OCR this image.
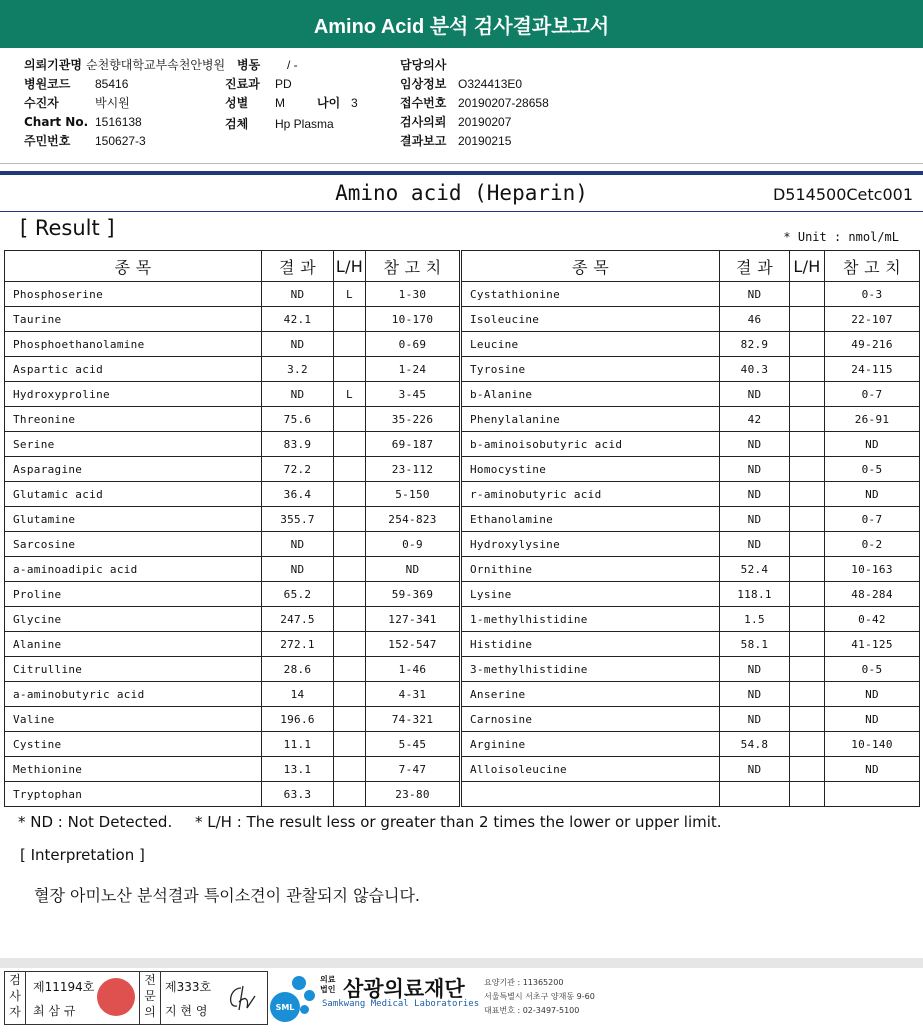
Amino Acid 분석 검사결과보고서
의뢰기관명 순천향대학교부속천안병원
병원코드 85416
수진자	박시원
Chart No. 1516138
주민번호 150627-3
병동 / -
진료과 PD
성별 M	나이 3
검체 Hp Plasma
담당의사
임상정보 O324413E0
접수번호 20190207-28658
검사의뢰 20190207
결과보고 20190215
Amino acid (Heparin)	D514500Cetc001
[ Result ]	* Unit : nmol/mL
종 목	결 과	L/H	참 고 치
Phosphoserine	ND	L	1-30
Taurine	42.1		10-170
Phosphoethanolamine	ND		0-69
Aspartic acid	3.2		1-24
Hydroxyproline	ND	L	3-45
Threonine	75.6		35-226
Serine	83.9		69-187
Asparagine	72.2		23-112
Glutamic acid	36.4		5-150
Glutamine	355.7		254-823
Sarcosine	ND		0-9
a-aminoadipic acid	ND		ND
Proline	65.2		59-369
Glycine	247.5		127-341
Alanine	272.1		152-547
Citrulline	28.6		1-46
a-aminobutyric acid	14		4-31
Valine	196.6		74-321
Cystine	11.1		5-45
Methionine	13.1		7-47
Tryptophan	63.3		23-80
종 목	결 과	L/H	참 고 치
Cystathionine	ND		0-3
Isoleucine	46		22-107
Leucine	82.9		49-216
Tyrosine	40.3		24-115
b-Alanine	ND		0-7
Phenylalanine	42		26-91
b-aminoisobutyric acid	ND		ND
Homocystine	ND		0-5
r-aminobutyric acid	ND		ND
Ethanolamine	ND		0-7
Hydroxylysine	ND		0-2
Ornithine	52.4		10-163
Lysine	118.1		48-284
1-methylhistidine	1.5		0-42
Histidine	58.1		41-125
3-methylhistidine	ND		0-5
Anserine	ND		ND
Carnosine	ND		ND
Arginine	54.8		10-140
Alloisoleucine	ND		ND

* ND : Not Detected. * L/H : The result less or greater than 2 times the lower or upper limit.
[ Interpretation ]
혈장 아미노산 분석결과 특이소견이 관찰되지 않습니다.
검사자
제11194호
최 삼 규
전문의
제333호
지 현 영	SML
의료
법인 삼광의료재단
Samkwang Medical Laboratories
요양기관 : 11365200
서울특별시 서초구 양재동 9-60
대표번호 : 02-3497-5100
